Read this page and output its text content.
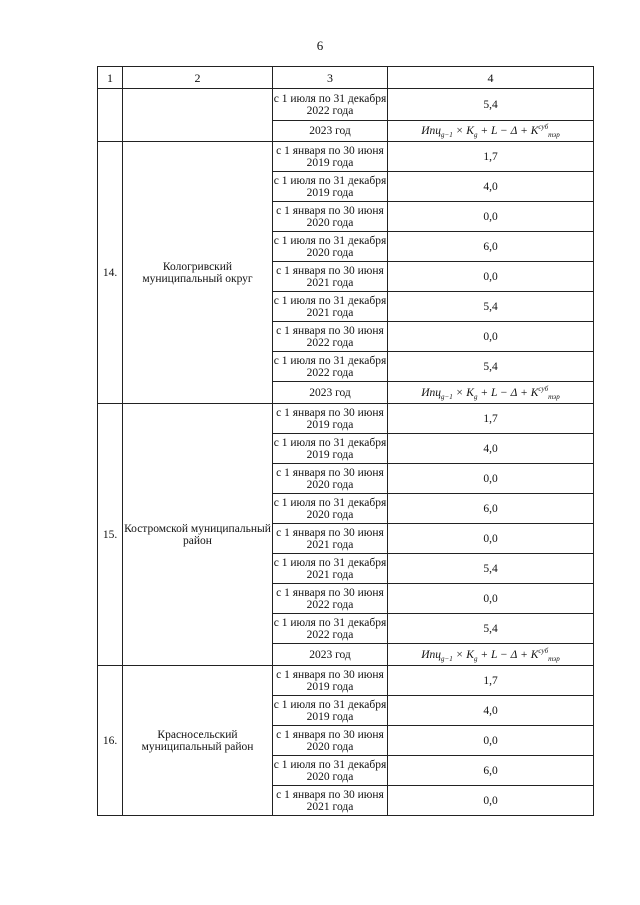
6
1	2	3	4
		с 1 июля по 31 декабря 2022 года	5,4
		2023 год	$Ипц_{g-1} \times K_g + L - \Delta + K^{суб}_{тэр}$
14.	Кологривский муниципальный округ	с 1 января по 30 июня 2019 года	1,7
		с 1 июля по 31 декабря 2019 года	4,0
		с 1 января по 30 июня 2020 года	0,0
		с 1 июля по 31 декабря 2020 года	6,0
		с 1 января по 30 июня 2021 года	0,0
		с 1 июля по 31 декабря 2021 года	5,4
		с 1 января по 30 июня 2022 года	0,0
		с 1 июля по 31 декабря 2022 года	5,4
		2023 год	$Ипц_{g-1} \times K_g + L - \Delta + K^{суб}_{тэр}$
15.	Костромской муниципальный район	с 1 января по 30 июня 2019 года	1,7
		с 1 июля по 31 декабря 2019 года	4,0
		с 1 января по 30 июня 2020 года	0,0
		с 1 июля по 31 декабря 2020 года	6,0
		с 1 января по 30 июня 2021 года	0,0
		с 1 июля по 31 декабря 2021 года	5,4
		с 1 января по 30 июня 2022 года	0,0
		с 1 июля по 31 декабря 2022 года	5,4
		2023 год	$Ипц_{g-1} \times K_g + L - \Delta + K^{суб}_{тэр}$
16.	Красносельский муниципальный район	с 1 января по 30 июня 2019 года	1,7
		с 1 июля по 31 декабря 2019 года	4,0
		с 1 января по 30 июня 2020 года	0,0
		с 1 июля по 31 декабря 2020 года	6,0
		с 1 января по 30 июня 2021 года	0,0
